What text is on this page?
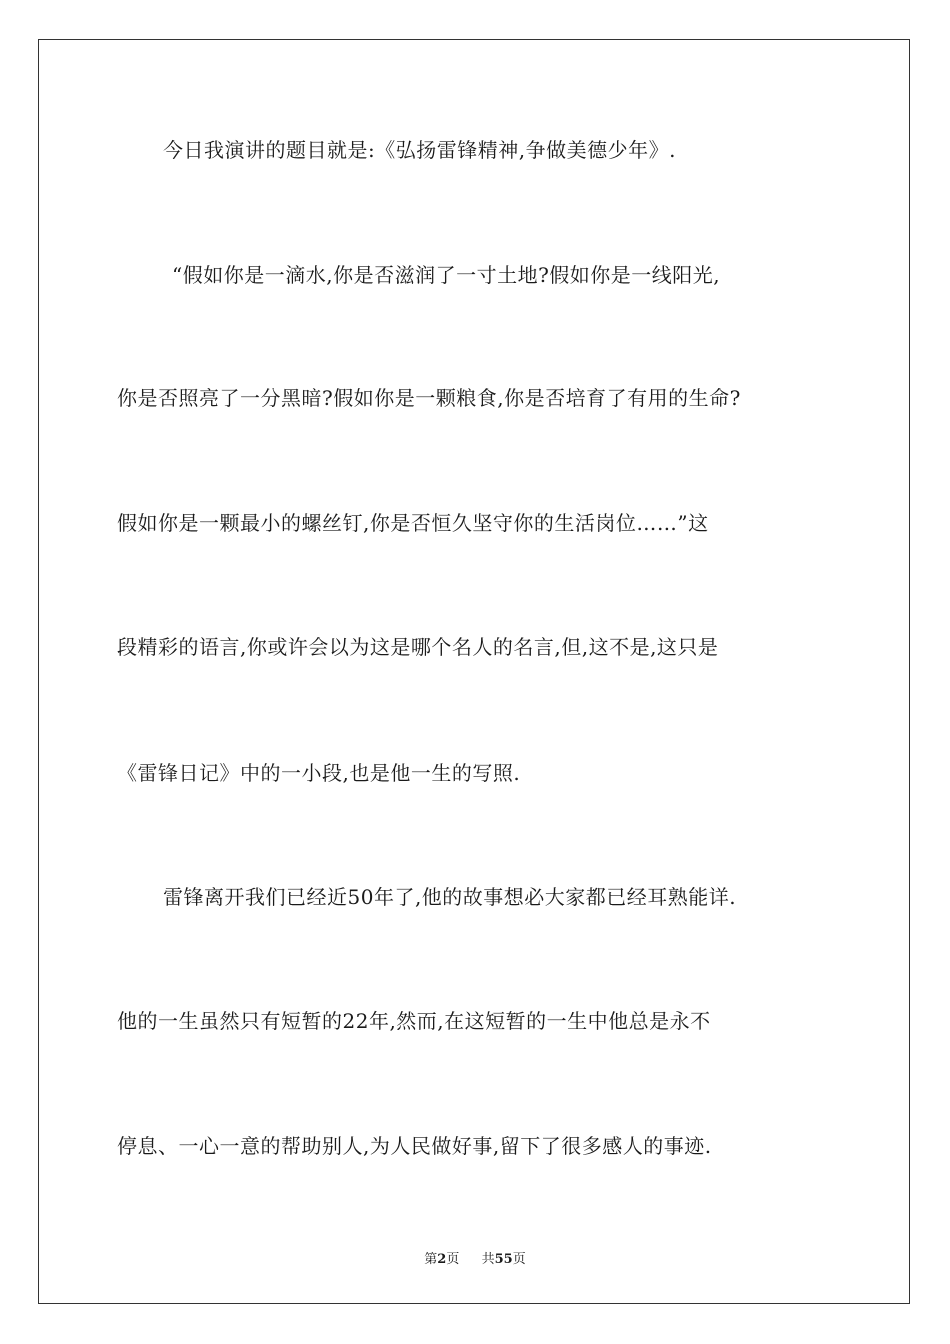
今日我演讲的题目就是:《弘扬雷锋精神,争做美德少年》.
“假如你是一滴水,你是否滋润了一寸土地?假如你是一线阳光,
你是否照亮了一分黑暗?假如你是一颗粮食,你是否培育了有用的生命?
假如你是一颗最小的螺丝钉,你是否恒久坚守你的生活岗位……”这
段精彩的语言,你或许会以为这是哪个名人的名言,但,这不是,这只是
《雷锋日记》中的一小段,也是他一生的写照.
雷锋离开我们已经近50年了,他的故事想必大家都已经耳熟能详.
他的一生虽然只有短暂的22年,然而,在这短暂的一生中他总是永不
停息、一心一意的帮助别人,为人民做好事,留下了很多感人的事迹.
第2页 共55页
